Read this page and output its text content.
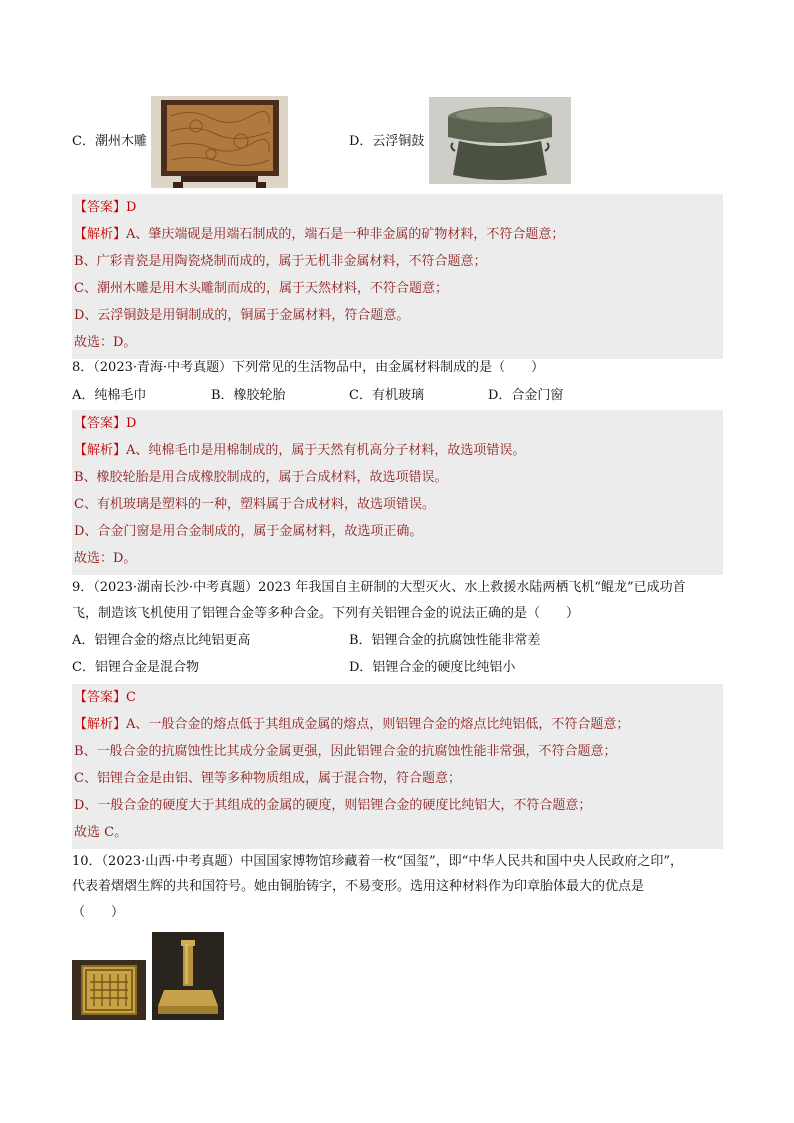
C．潮州木雕	D．云浮铜鼓
【答案】D
【解析】A、肇庆端砚是用端石制成的，端石是一种非金属的矿物材料，不符合题意；
B、广彩青瓷是用陶瓷烧制而成的，属于无机非金属材料，不符合题意；
C、潮州木雕是用木头雕制而成的，属于天然材料，不符合题意；
D、云浮铜鼓是用铜制成的，铜属于金属材料，符合题意。
故选：D。
8．（2023·青海·中考真题）下列常见的生活物品中，由金属材料制成的是（　　）
A．纯棉毛巾	B．橡胶轮胎	C．有机玻璃	D．合金门窗
【答案】D
【解析】A、纯棉毛巾是用棉制成的，属于天然有机高分子材料，故选项错误。
B、橡胶轮胎是用合成橡胶制成的，属于合成材料，故选项错误。
C、有机玻璃是塑料的一种，塑料属于合成材料，故选项错误。
D、合金门窗是用合金制成的，属于金属材料，故选项正确。
故选：D。
9．（2023·湖南长沙·中考真题）2023 年我国自主研制的大型灭火、水上救援水陆两栖飞机“鲲龙”已成功首
飞，制造该飞机使用了铝锂合金等多种合金。下列有关铝锂合金的说法正确的是（　　）
A．铝锂合金的熔点比纯铝更高	B．铝锂合金的抗腐蚀性能非常差
C．铝锂合金是混合物	D．铝锂合金的硬度比纯铝小
【答案】C
【解析】A、一般合金的熔点低于其组成金属的熔点，则铝锂合金的熔点比纯铝低，不符合题意；
B、一般合金的抗腐蚀性比其成分金属更强，因此铝锂合金的抗腐蚀性能非常强，不符合题意；
C、铝锂合金是由铝、锂等多种物质组成，属于混合物，符合题意；
D、一般合金的硬度大于其组成的金属的硬度，则铝锂合金的硬度比纯铝大，不符合题意；
故选 C。
10．（2023·山西·中考真题）中国国家博物馆珍藏着一枚“国玺”，即“中华人民共和国中央人民政府之印”，
代表着熠熠生辉的共和国符号。她由铜胎铸字，不易变形。选用这种材料作为印章胎体最大的优点是
（　　）
